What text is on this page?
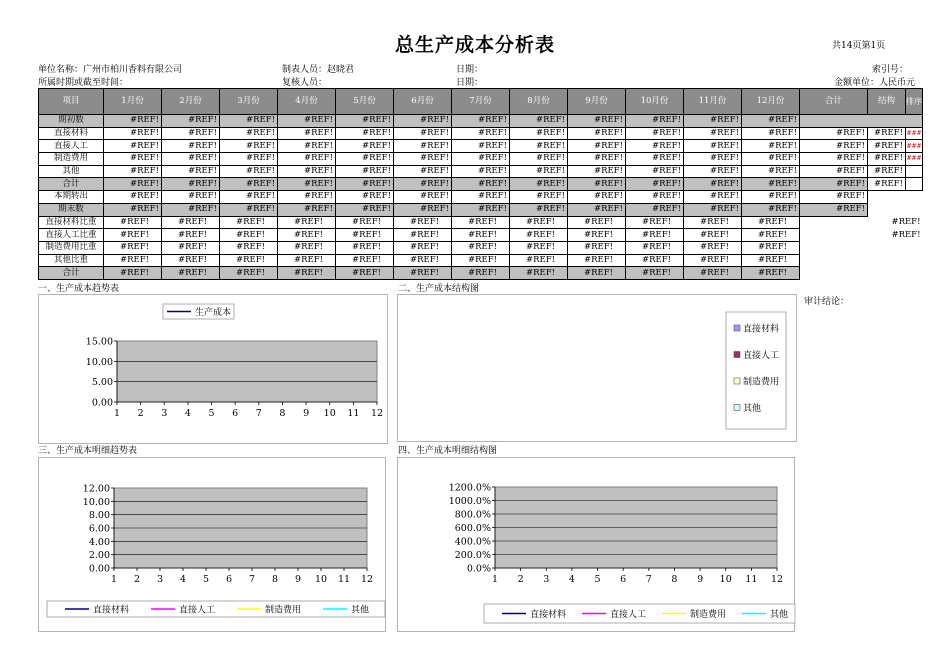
总生产成本分析表	共14页第1页
单位名称：广州市柏川香料有限公司
所属时期或截至时间：
制表人员：赵晓君
复核人员：
日期：
日期：
索引号：
金额单位：人民币元
项目	1月份	2月份	3月份	4月份	5月份	6月份	7月份	8月份	9月份	10月份	11月份	12月份	合计	结构	排序
期初数	#REF!	#REF!	#REF!	#REF!	#REF!	#REF!	#REF!	#REF!	#REF!	#REF!	#REF!	#REF!			
直接材料	#REF!	#REF!	#REF!	#REF!	#REF!	#REF!	#REF!	#REF!	#REF!	#REF!	#REF!	#REF!	#REF!	#REF!	###
直接人工	#REF!	#REF!	#REF!	#REF!	#REF!	#REF!	#REF!	#REF!	#REF!	#REF!	#REF!	#REF!	#REF!	#REF!	###
制造费用	#REF!	#REF!	#REF!	#REF!	#REF!	#REF!	#REF!	#REF!	#REF!	#REF!	#REF!	#REF!	#REF!	#REF!	###
其他	#REF!	#REF!	#REF!	#REF!	#REF!	#REF!	#REF!	#REF!	#REF!	#REF!	#REF!	#REF!	#REF!	#REF!	
合计	#REF!	#REF!	#REF!	#REF!	#REF!	#REF!	#REF!	#REF!	#REF!	#REF!	#REF!	#REF!	#REF!	#REF!	
本期转出	#REF!	#REF!	#REF!	#REF!	#REF!	#REF!	#REF!	#REF!	#REF!	#REF!	#REF!	#REF!	#REF!		
期末数	#REF!	#REF!	#REF!	#REF!	#REF!	#REF!	#REF!	#REF!	#REF!	#REF!	#REF!	#REF!	#REF!		
直接材料比重	#REF!	#REF!	#REF!	#REF!	#REF!	#REF!	#REF!	#REF!	#REF!	#REF!	#REF!	#REF!	#REF!		
直接人工比重	#REF!	#REF!	#REF!	#REF!	#REF!	#REF!	#REF!	#REF!	#REF!	#REF!	#REF!	#REF!	#REF!		
制造费用比重	#REF!	#REF!	#REF!	#REF!	#REF!	#REF!	#REF!	#REF!	#REF!	#REF!	#REF!	#REF!			
其他比重	#REF!	#REF!	#REF!	#REF!	#REF!	#REF!	#REF!	#REF!	#REF!	#REF!	#REF!	#REF!			
合计	#REF!	#REF!	#REF!	#REF!	#REF!	#REF!	#REF!	#REF!	#REF!	#REF!	#REF!	#REF!			
一、生产成本趋势表	二、生产成本结构图
三、生产成本明细趋势表	四、生产成本明细结构图
审计结论：
15.00
10.00
5.00
0.00
1 2 3 4 5 6 7 8 9 10 11 12
生产成本
直接材料
直接人工
制造费用
其他
12.00
10.00
8.00
6.00
4.00
2.00
0.00
1 2 3 4 5 6 7 8 9 10 11 12
直接材料	直接人工	制造费用	其他
1200.0%
1000.0%
800.0%
600.0%
400.0%
200.0%
0.0%
1 2 3 4 5 6 7 8 9 10 11 12
直接材料	直接人工	制造费用	其他
